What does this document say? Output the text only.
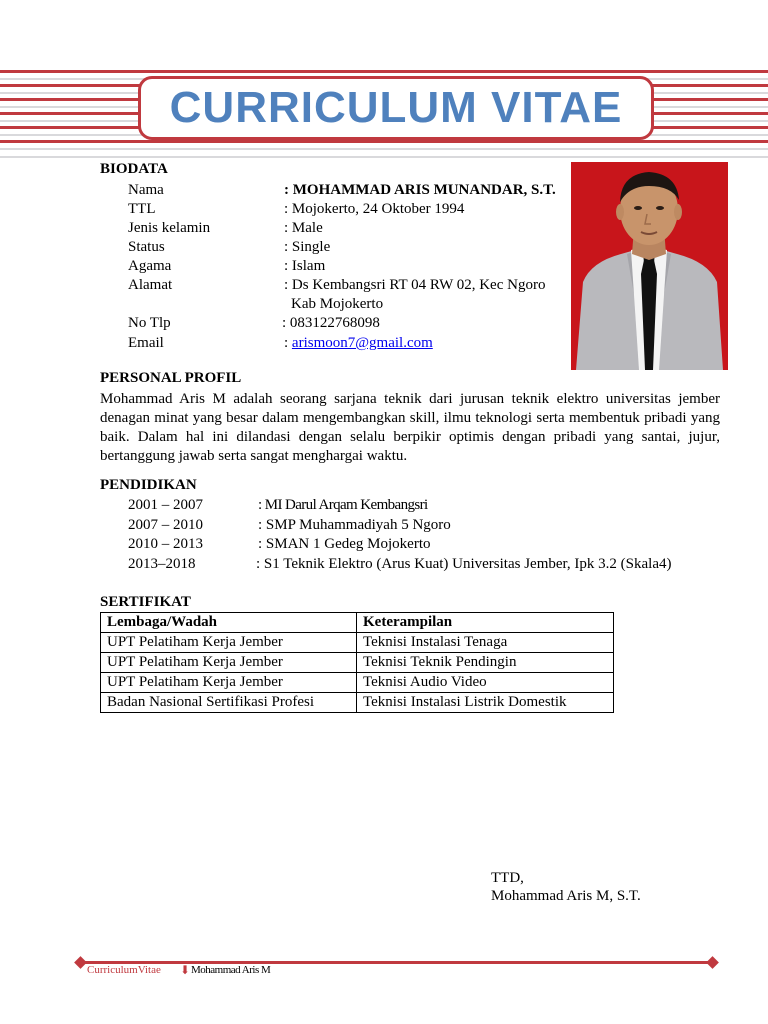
CURRICULUM VITAE
BIODATA
Nama	: MOHAMMAD ARIS MUNANDAR, S.T.
TTL	: Mojokerto, 24 Oktober 1994
Jenis kelamin	: Male
Status	: Single
Agama	: Islam
Alamat	: Ds Kembangsri RT 04 RW 02, Kec Ngoro
Kab Mojokerto
No Tlp	: 083122768098
Email	: arismoon7@gmail.com
PERSONAL PROFIL
Mohammad Aris M adalah seorang sarjana teknik dari jurusan teknik elektro universitas jember denagan minat yang besar dalam mengembangkan skill, ilmu teknologi serta membentuk pribadi yang baik. Dalam hal ini dilandasi dengan selalu berpikir optimis dengan pribadi yang santai, jujur, bertanggung jawab serta sangat menghargai waktu.
PENDIDIKAN
2001 – 2007	: MI Darul Arqam Kembangsri
2007 – 2010	: SMP Muhammadiyah 5 Ngoro
2010 – 2013	: SMAN 1 Gedeg Mojokerto
2013–2018	: S1 Teknik Elektro (Arus Kuat) Universitas Jember, Ipk 3.2 (Skala4)
SERTIFIKAT
Lembaga/Wadah	Keterampilan
UPT Pelatiham Kerja Jember	Teknisi Instalasi Tenaga
UPT Pelatiham Kerja Jember	Teknisi Teknik Pendingin
UPT Pelatiham Kerja Jember	Teknisi Audio Video
Badan Nasional Sertifikasi Profesi	Teknisi Instalasi Listrik Domestik
TTD,
Mohammad Aris M, S.T.
CurriculumVitae ⬇ Mohammad Aris M
